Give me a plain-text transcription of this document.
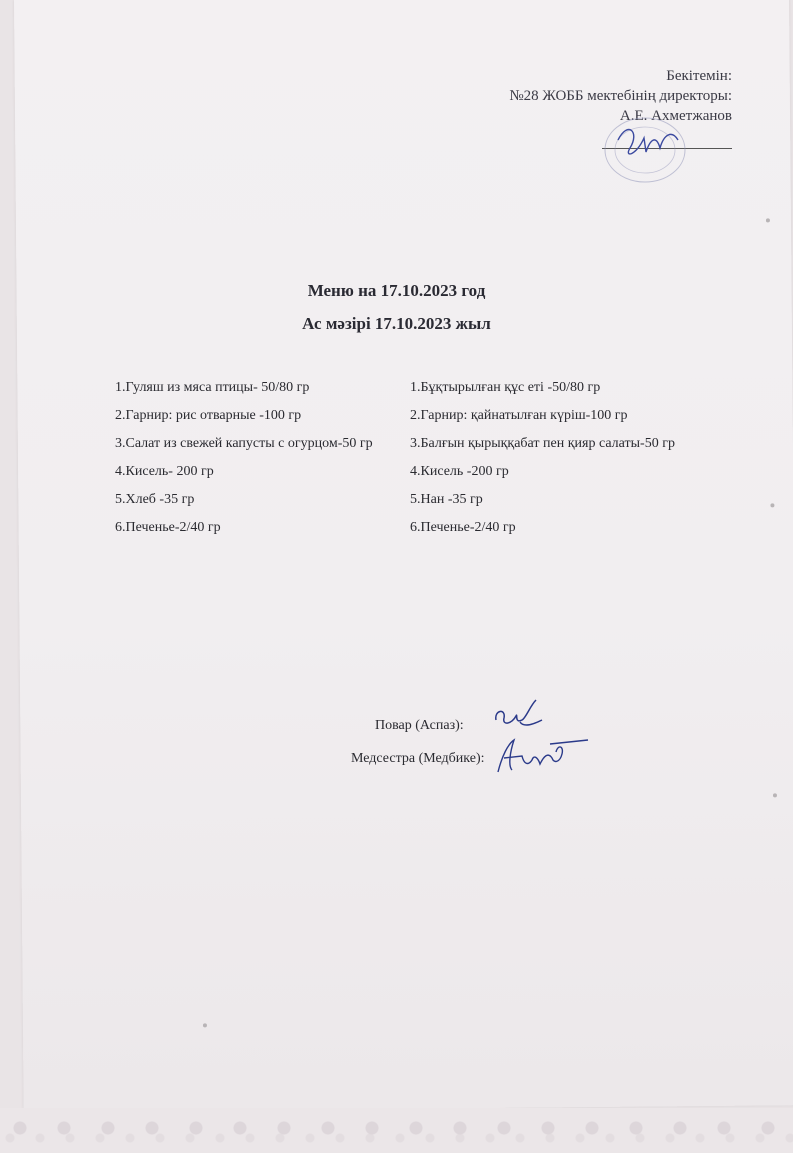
Бекітемін:
№28 ЖОББ мектебінің директоры:
А.Е. Ахметжанов
Меню на 17.10.2023 год
Ас мәзірі 17.10.2023 жыл
1.Гуляш из мяса птицы- 50/80 гр
2.Гарнир: рис отварные -100 гр
3.Салат из свежей капусты с огурцом-50 гр
4.Кисель- 200 гр
5.Хлеб -35 гр
6.Печенье-2/40 гр
1.Бұқтырылған құс еті -50/80 гр
2.Гарнир: қайнатылған күріш-100 гр
3.Балғын қырыққабат пен қияр салаты-50 гр
4.Кисель -200 гр
5.Нан -35 гр
6.Печенье-2/40 гр
Повар (Аспаз):
Медсестра (Медбике):
